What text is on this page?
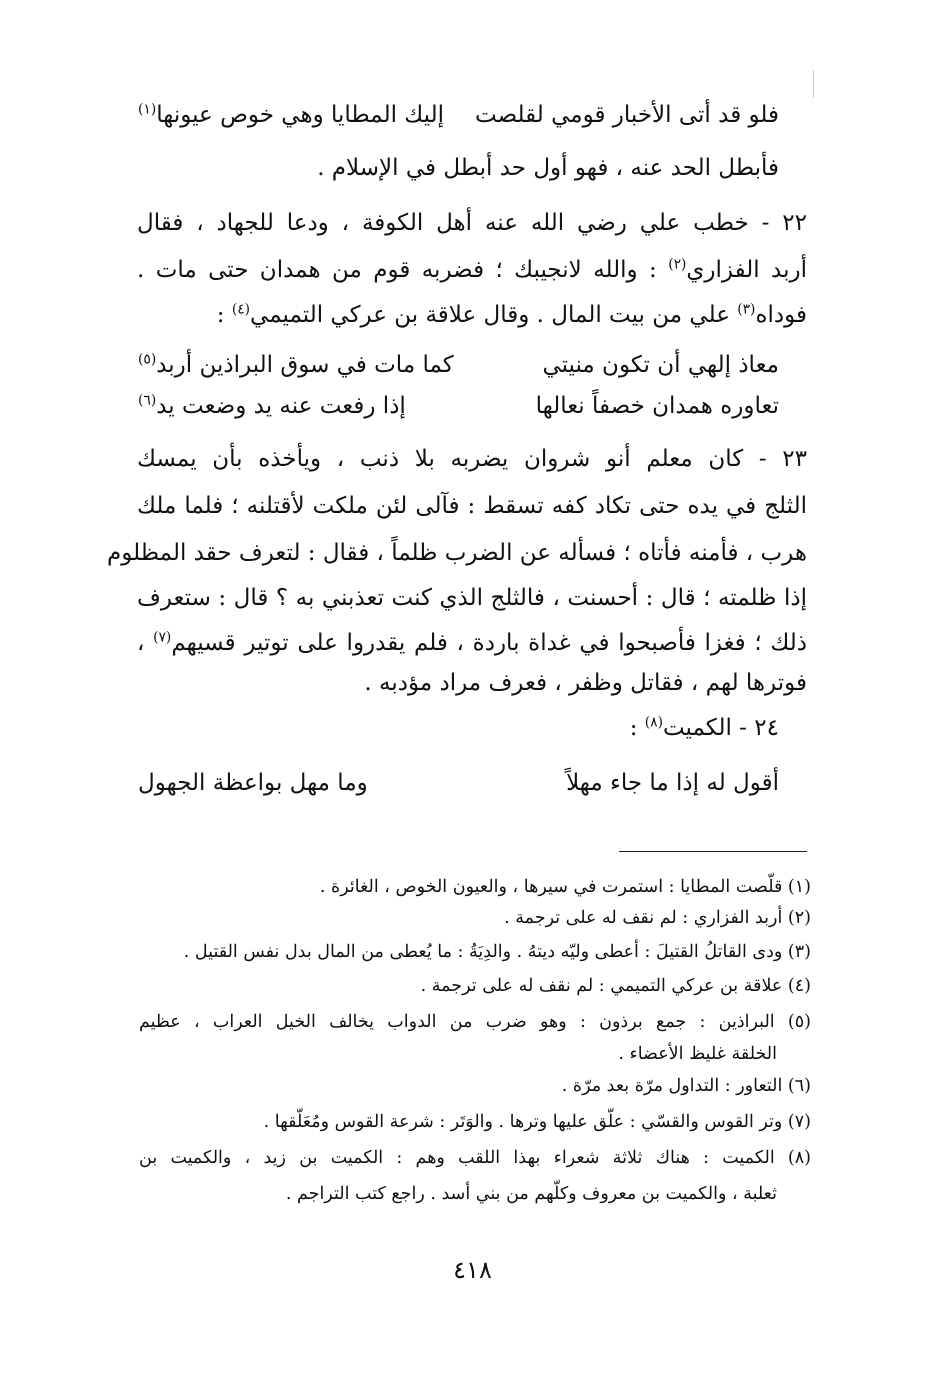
فلو قد أتى الأخبار قومي لقلصت
إليك المطايا وهي خوص عيونها$^{(١)}$
فأبطل الحد عنه ، فهو أول حد أبطل في الإسلام .
٢٢ - خطب علي رضي الله عنه أهل الكوفة ، ودعا للجهاد ، فقال
أربد الفزاري$^{(٢)}$ : والله لانجيبك ؛ فضربه قوم من همدان حتى مات .
فوداه$^{(٣)}$ علي من بيت المال . وقال علاقة بن عركي التميمي$^{(٤)}$ :
معاذ إلهي أن تكون منيتي
كما مات في سوق البراذين أربد$^{(٥)}$
تعاوره همدان خصفاً نعالها
إذا رفعت عنه يد وضعت يد$^{(٦)}$
٢٣ - كان معلم أنو شروان يضربه بلا ذنب ، ويأخذه بأن يمسك
الثلج في يده حتى تكاد كفه تسقط : فآلى لئن ملكت لأقتلنه ؛ فلما ملك
هرب ، فأمنه فأتاه ؛ فسأله عن الضرب ظلماً ، فقال : لتعرف حقد المظلوم
إذا ظلمته ؛ قال : أحسنت ، فالثلج الذي كنت تعذبني به ؟ قال : ستعرف
ذلك ؛ فغزا فأصبحوا في غداة باردة ، فلم يقدروا على توتير قسيهم$^{(٧)}$ ،
فوترها لهم ، فقاتل وظفر ، فعرف مراد مؤدبه .
٢٤ - الكميت$^{(٨)}$ :
أقول له إذا ما جاء مهلاً
وما مهل بواعظة الجهول
(١) قلّصت المطايا : استمرت في سيرها ، والعيون الخوص ، الغائرة .
(٢) أربد الفزاري : لم نقف له على ترجمة .
(٣) ودى القاتلُ القتيلَ : أعطى وليّه ديتهُ . والدِيَةُ : ما يُعطى من المال بدل نفس القتيل .
(٤) علاقة بن عركي التميمي : لم نقف له على ترجمة .
(٥) البراذين : جمع برذون : وهو ضرب من الدواب يخالف الخيل العراب ، عظيم
الخلقة غليظ الأعضاء .
(٦) التعاور : التداول مرّة بعد مرّة .
(٧) وتر القوس والقسّي : علّق عليها وترها . والوَتَر : شرعة القوس ومُعَلّقها .
(٨) الكميت : هناك ثلاثة شعراء بهذا اللقب وهم : الكميت بن زيد ، والكميت بن
ثعلبة ، والكميت بن معروف وكلّهم من بني أسد . راجع كتب التراجم .
٤١٨
